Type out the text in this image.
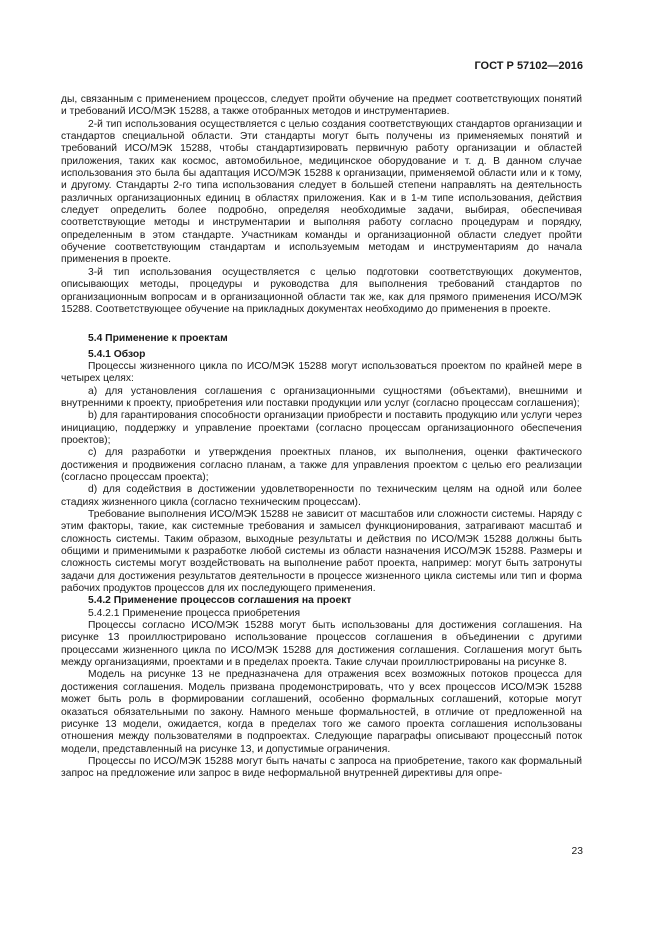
ГОСТ Р 57102—2016

ды, связанным с применением процессов, следует пройти обучение на предмет соответствующих понятий и требований ИСО/МЭК 15288, а также отобранных методов и инструментариев.

2-й тип использования осуществляется с целью создания соответствующих стандартов организации и стандартов специальной области. Эти стандарты могут быть получены из применяемых понятий и требований ИСО/МЭК 15288, чтобы стандартизировать первичную работу организации и областей приложения, таких как космос, автомобильное, медицинское оборудование и т. д. В данном случае использования это была бы адаптация ИСО/МЭК 15288 к организации, применяемой области или и к тому, и другому. Стандарты 2-го типа использования следует в большей степени направлять на деятельность различных организационных единиц в областях приложения. Как и в 1-м типе использования, действия следует определить более подробно, определяя необходимые задачи, выбирая, обеспечивая соответствующие методы и инструментарии и выполняя работу согласно процедурам и порядку, определенным в этом стандарте. Участникам команды и организационной области следует пройти обучение соответствующим стандартам и используемым методам и инструментариям до начала применения в проекте.

3-й тип использования осуществляется с целью подготовки соответствующих документов, описывающих методы, процедуры и руководства для выполнения требований стандартов по организационным вопросам и в организационной области так же, как для прямого применения ИСО/МЭК 15288. Соответствующее обучение на прикладных документах необходимо до применения в проекте.

5.4 Применение к проектам

5.4.1 Обзор

Процессы жизненного цикла по ИСО/МЭК 15288 могут использоваться проектом по крайней мере в четырех целях:

а) для установления соглашения с организационными сущностями (объектами), внешними и внутренними к проекту, приобретения или поставки продукции или услуг (согласно процессам соглашения);

b) для гарантирования способности организации приобрести и поставить продукцию или услуги через инициацию, поддержку и управление проектами (согласно процессам организационного обеспечения проектов);

с) для разработки и утверждения проектных планов, их выполнения, оценки фактического достижения и продвижения согласно планам, а также для управления проектом с целью его реализации (согласно процессам проекта);

d) для содействия в достижении удовлетворенности по техническим целям на одной или более стадиях жизненного цикла (согласно техническим процессам).

Требование выполнения ИСО/МЭК 15288 не зависит от масштабов или сложности системы. Наряду с этим факторы, такие, как системные требования и замысел функционирования, затрагивают масштаб и сложность системы. Таким образом, выходные результаты и действия по ИСО/МЭК 15288 должны быть общими и применимыми к разработке любой системы из области назначения ИСО/МЭК 15288. Размеры и сложность системы могут воздействовать на выполнение работ проекта, например: могут быть затронуты задачи для достижения результатов деятельности в процессе жизненного цикла системы или тип и форма рабочих продуктов процессов для их последующего применения.

5.4.2 Применение процессов соглашения на проект

5.4.2.1 Применение процесса приобретения

Процессы согласно ИСО/МЭК 15288 могут быть использованы для достижения соглашения. На рисунке 13 проиллюстрировано использование процессов соглашения в объединении с другими процессами жизненного цикла по ИСО/МЭК 15288 для достижения соглашения. Соглашения могут быть между организациями, проектами и в пределах проекта. Такие случаи проиллюстрированы на рисунке 8.

Модель на рисунке 13 не предназначена для отражения всех возможных потоков процесса для достижения соглашения. Модель призвана продемонстрировать, что у всех процессов ИСО/МЭК 15288 может быть роль в формировании соглашений, особенно формальных соглашений, которые могут оказаться обязательными по закону. Намного меньше формальностей, в отличие от предложенной на рисунке 13 модели, ожидается, когда в пределах того же самого проекта соглашения использованы отношения между пользователями в подпроектах. Следующие параграфы описывают процессный поток модели, представленный на рисунке 13, и допустимые ограничения.

Процессы по ИСО/МЭК 15288 могут быть начаты с запроса на приобретение, такого как формальный запрос на предложение или запрос в виде неформальной внутренней директивы для опре-

23
